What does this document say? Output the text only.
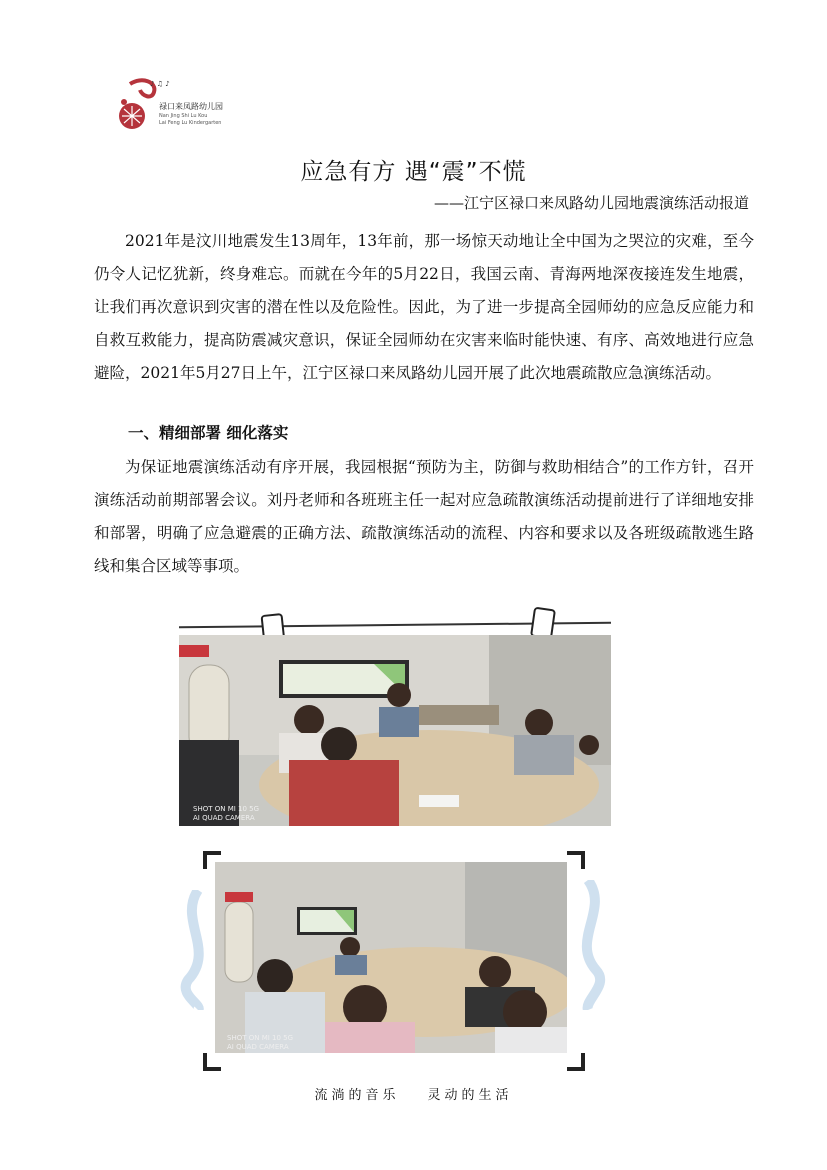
♪ ♫ ♪
禄口来凤路幼儿园
Nan Jing Shi Lu Kou
Lai Feng Lu Kindergarten
应急有方 遇“震”不慌
——江宁区禄口来凤路幼儿园地震演练活动报道

2021年是汶川地震发生13周年，13年前，那一场惊天动地让全中国为之哭泣的灾难，至今仍令人记忆犹新，终身难忘。而就在今年的5月22日，我国云南、青海两地深夜接连发生地震，让我们再次意识到灾害的潜在性以及危险性。因此，为了进一步提高全园师幼的应急反应能力和自救互救能力，提高防震减灾意识，保证全园师幼在灾害来临时能快速、有序、高效地进行应急避险，2021年5月27日上午，江宁区禄口来凤路幼儿园开展了此次地震疏散应急演练活动。

一、精细部署 细化落实

为保证地震演练活动有序开展，我园根据“预防为主，防御与救助相结合”的工作方针，召开演练活动前期部署会议。刘丹老师和各班班主任一起对应急疏散演练活动提前进行了详细地安排和部署，明确了应急避震的正确方法、疏散演练活动的流程、内容和要求以及各班级疏散逃生路线和集合区域等事项。

SHOT ON MI 10 5G
AI QUAD CAMERA
SHOT ON MI 10 5G
AI QUAD CAMERA
流淌的音乐 灵动的生活
